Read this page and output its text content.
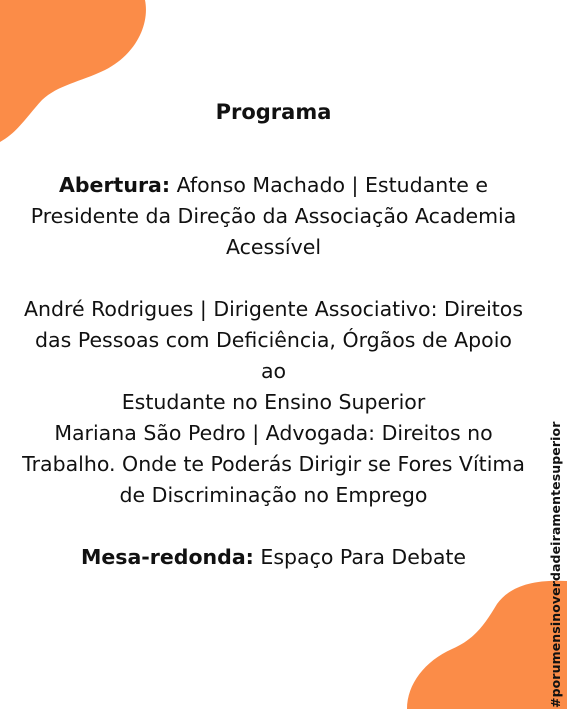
Programa
Abertura: Afonso Machado | Estudante e
Presidente da Direção da Associação Academia
Acessível
André Rodrigues | Dirigente Associativo: Direitos
das Pessoas com Deficiência, Órgãos de Apoio ao
Estudante no Ensino Superior
Mariana São Pedro | Advogada: Direitos no
Trabalho. Onde te Poderás Dirigir se Fores Vítima
de Discriminação no Emprego
Mesa-redonda: Espaço Para Debate	#porumensinoverdadeiramentesuperior
